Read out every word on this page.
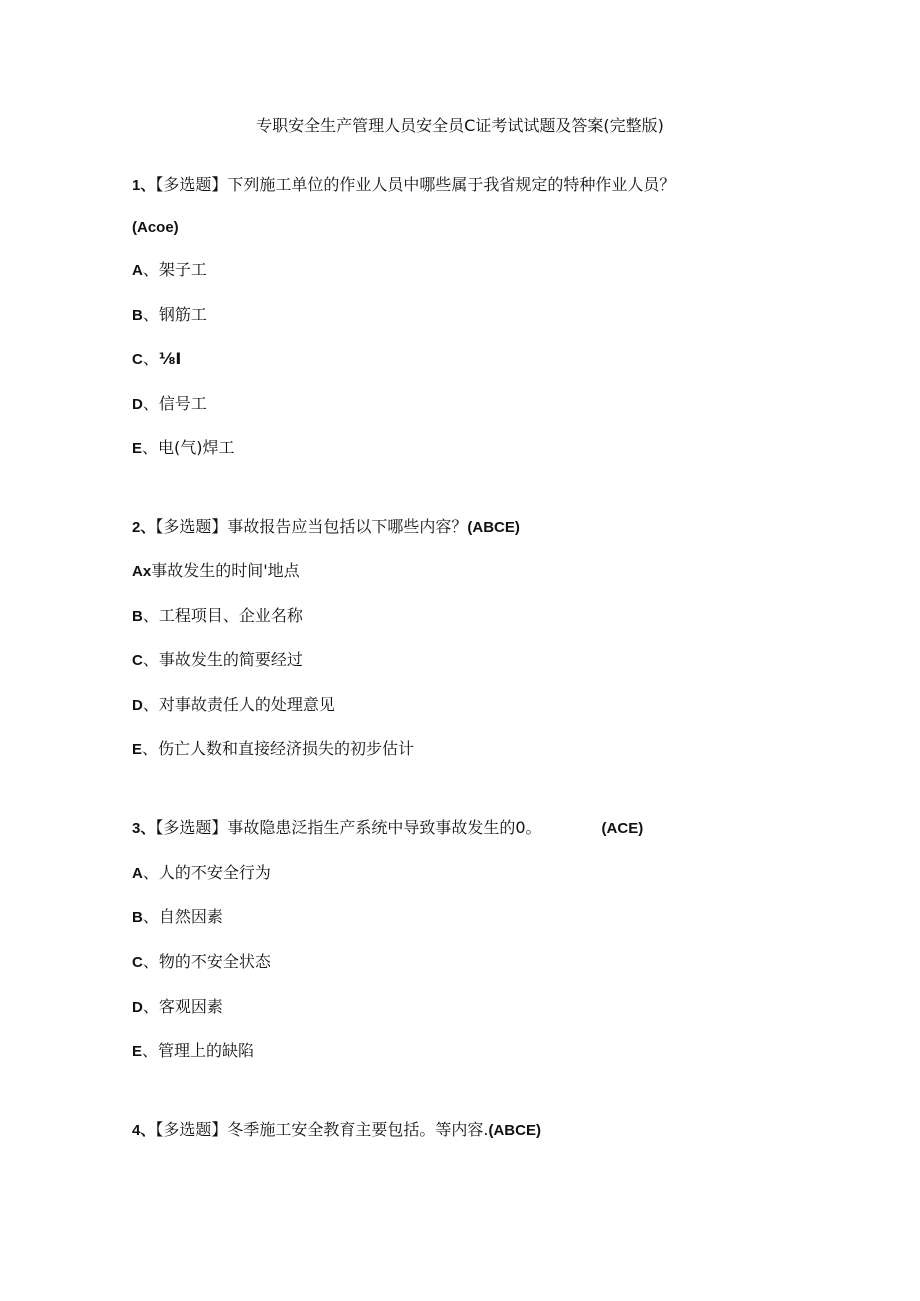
专职安全生产管理人员安全员C证考试试题及答案(完整版)
1、【多选题】下列施工单位的作业人员中哪些属于我省规定的特种作业人员？
(Acoe)
A、架子工
B、钢筋工
C、⅛I
D、信号工
E、电(气)焊工
2、【多选题】事故报告应当包括以下哪些内容？(ABCE)
Ax事故发生的时间'地点
B、工程项目、企业名称
C、事故发生的简要经过
D、对事故责任人的处理意见
E、伤亡人数和直接经济损失的初步估计
3、【多选题】事故隐患泛指生产系统中导致事故发生的0。	(ACE)
A、人的不安全行为
B、自然因素
C、物的不安全状态
D、客观因素
E、管理上的缺陷
4、【多选题】冬季施工安全教育主要包括。等内容.(ABCE)
